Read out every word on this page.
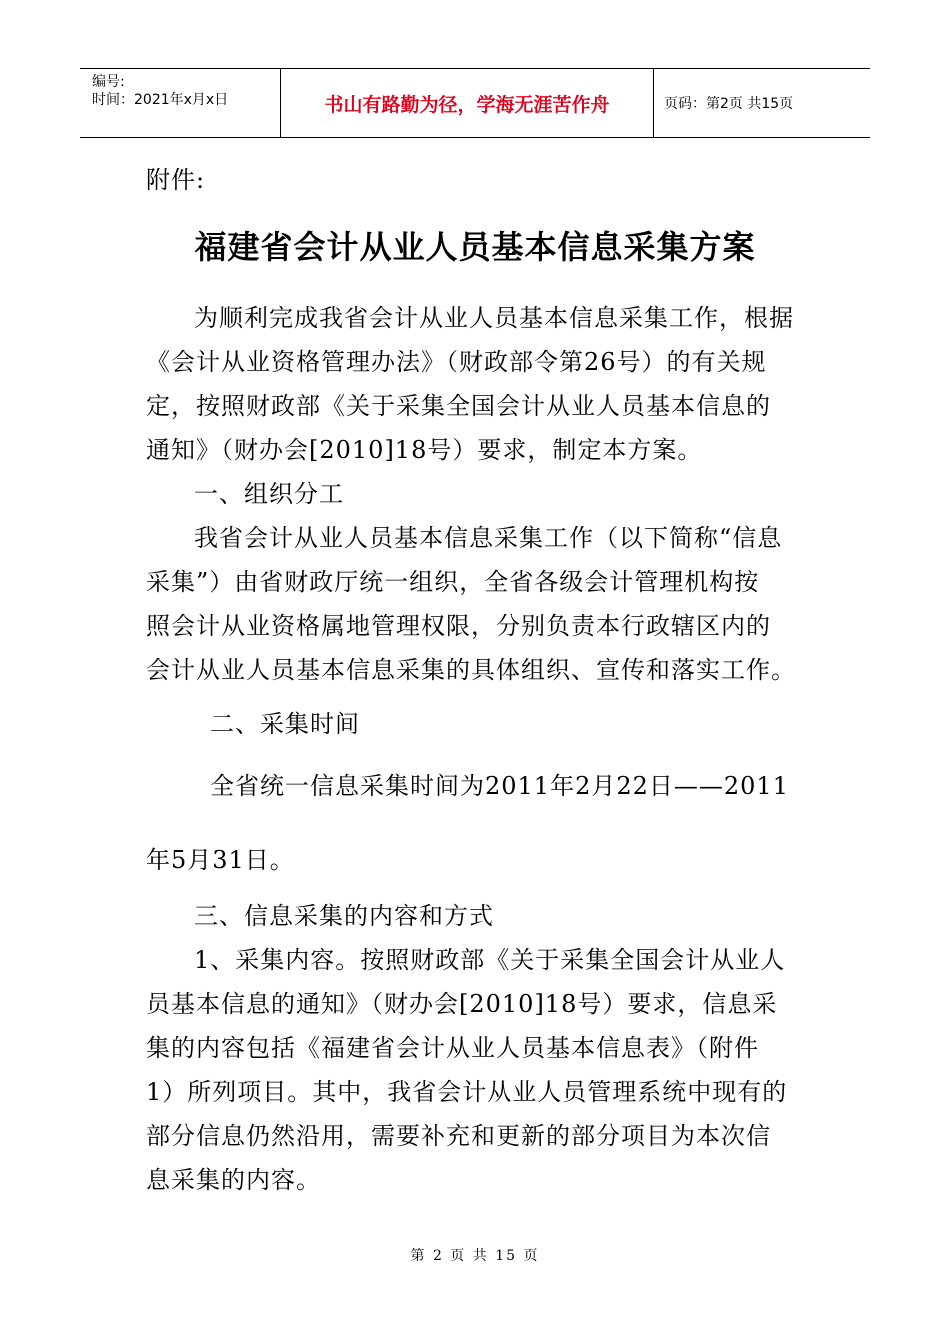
编号:
时间：2021年x月x日	书山有路勤为径，学海无涯苦作舟	页码：第2页 共15页
附件:
福建省会计从业人员基本信息采集方案
为顺利完成我省会计从业人员基本信息采集工作，根据
《会计从业资格管理办法》（财政部令第26号）的有关规
定，按照财政部《关于采集全国会计从业人员基本信息的
通知》（财办会[2010]18号）要求，制定本方案。
一、组织分工
我省会计从业人员基本信息采集工作（以下简称“信息
采集”）由省财政厅统一组织，全省各级会计管理机构按
照会计从业资格属地管理权限，分别负责本行政辖区内的
会计从业人员基本信息采集的具体组织、宣传和落实工作。
二、采集时间
全省统一信息采集时间为2011年2月22日——2011
年5月31日。
三、信息采集的内容和方式
1、采集内容。按照财政部《关于采集全国会计从业人
员基本信息的通知》（财办会[2010]18号）要求，信息采
集的内容包括《福建省会计从业人员基本信息表》（附件
1）所列项目。其中，我省会计从业人员管理系统中现有的
部分信息仍然沿用，需要补充和更新的部分项目为本次信
息采集的内容。
第 2 页 共 15 页
